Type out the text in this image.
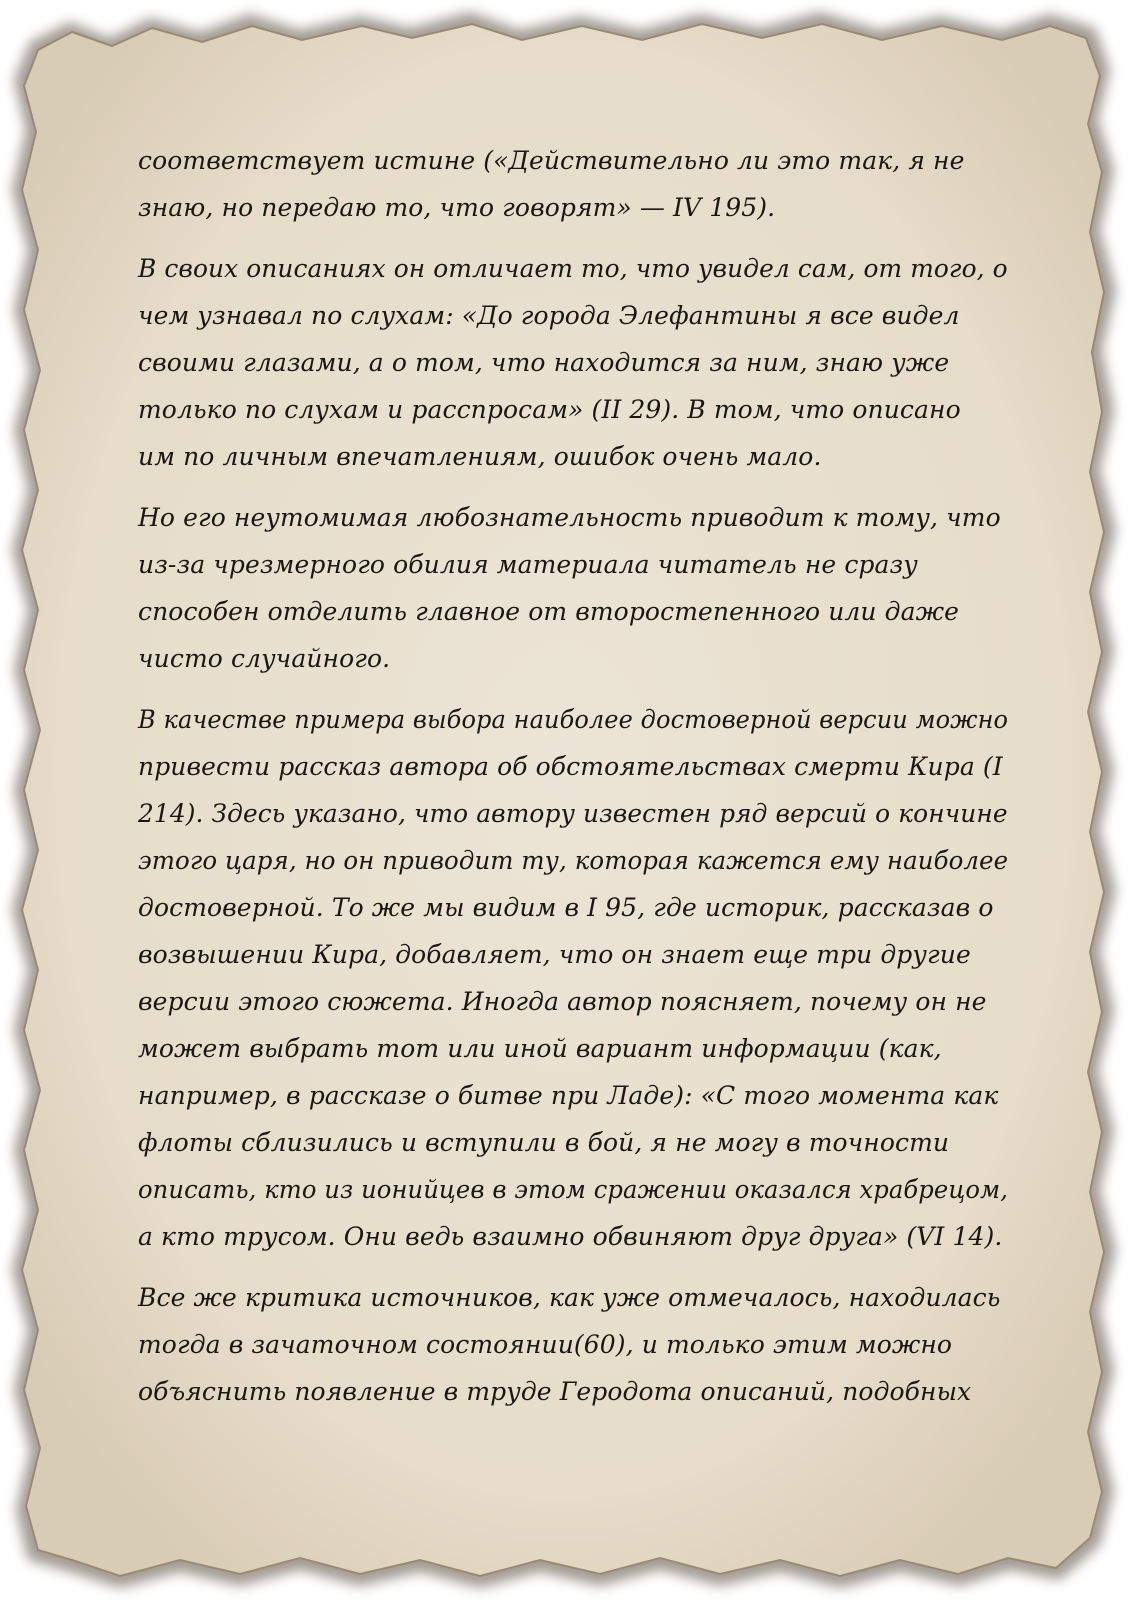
соответствует истине («Действительно ли это так, я не
знаю, но передаю то, что говорят» — IV 195).
В своих описаниях он отличает то, что увидел сам, от того, о
чем узнавал по слухам: «До города Элефантины я все видел
своими глазами, а о том, что находится за ним, знаю уже
только по слухам и расспросам» (II 29). В том, что описано
им по личным впечатлениям, ошибок очень мало.
Но его неутомимая любознательность приводит к тому, что
из-за чрезмерного обилия материала читатель не сразу
способен отделить главное от второстепенного или даже
чисто случайного.
В качестве примера выбора наиболее достоверной версии можно
привести рассказ автора об обстоятельствах смерти Кира (I
214). Здесь указано, что автору известен ряд версий о кончине
этого царя, но он приводит ту, которая кажется ему наиболее
достоверной. То же мы видим в I 95, где историк, рассказав о
возвышении Кира, добавляет, что он знает еще три другие
версии этого сюжета. Иногда автор поясняет, почему он не
может выбрать тот или иной вариант информации (как,
например, в рассказе о битве при Ладе): «С того момента как
флоты сблизились и вступили в бой, я не могу в точности
описать, кто из ионийцев в этом сражении оказался храбрецом,
а кто трусом. Они ведь взаимно обвиняют друг друга» (VI 14).
Все же критика источников, как уже отмечалось, находилась
тогда в зачаточном состоянии(60), и только этим можно
объяснить появление в труде Геродота описаний, подобных
